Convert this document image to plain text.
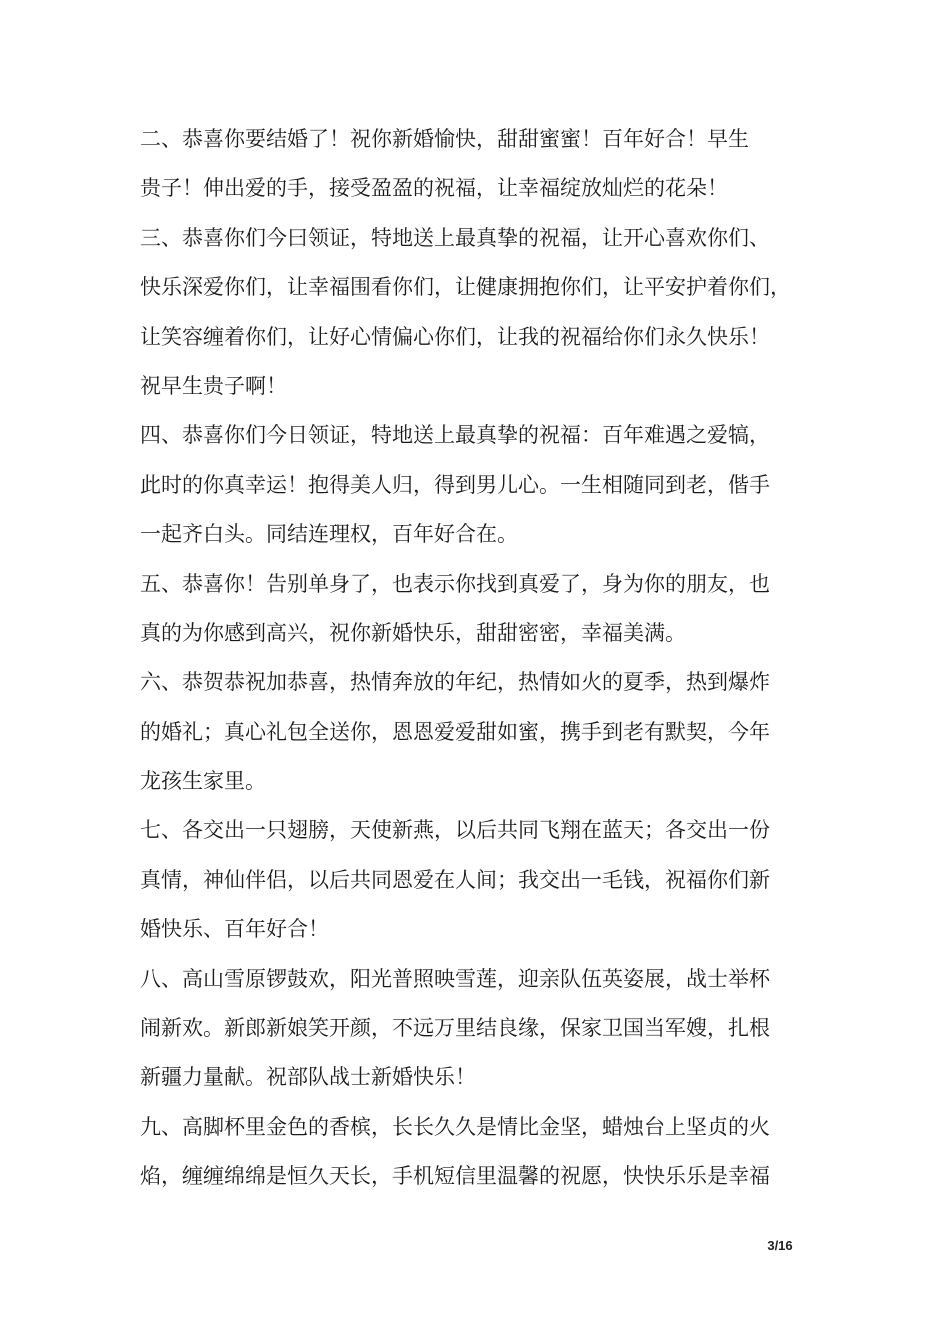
二、恭喜你要结婚了！祝你新婚愉快，甜甜蜜蜜！百年好合！早生
贵子！伸出爱的手，接受盈盈的祝福，让幸福绽放灿烂的花朵！
三、恭喜你们今曰领证，特地送上最真挚的祝福，让开心喜欢你们、
快乐深爱你们，让幸福围看你们，让健康拥抱你们，让平安护着你们，
让笑容缠着你们，让好心情偏心你们，让我的祝福给你们永久快乐！
祝早生贵子啊！
四、恭喜你们今日领证，特地送上最真挚的祝福：百年难遇之爱犒，
此时的你真幸运！抱得美人归，得到男儿心。一生相随同到老，偕手
一起齐白头。同结连理权，百年好合在。
五、恭喜你！告别单身了，也表示你找到真爱了，身为你的朋友，也
真的为你感到高兴，祝你新婚快乐，甜甜密密，幸福美满。
六、恭贺恭祝加恭喜，热情奔放的年纪，热情如火的夏季，热到爆炸
的婚礼；真心礼包全送你，恩恩爱爱甜如蜜，携手到老有默契，今年
龙孩生家里。
七、各交出一只翅膀，天使新燕，以后共同飞翔在蓝天；各交出一份
真情，神仙伴侣，以后共同恩爱在人间；我交出一毛钱，祝福你们新
婚快乐、百年好合！
八、高山雪原锣鼓欢，阳光普照映雪莲，迎亲队伍英姿展，战士举杯
闹新欢。新郎新娘笑开颜，不远万里结良缘，保家卫国当军嫂，扎根
新疆力量献。祝部队战士新婚快乐！
九、高脚杯里金色的香槟，长长久久是情比金坚，蜡烛台上坚贞的火
焰，缠缠绵绵是恒久天长，手机短信里温馨的祝愿，快快乐乐是幸福
3/16
